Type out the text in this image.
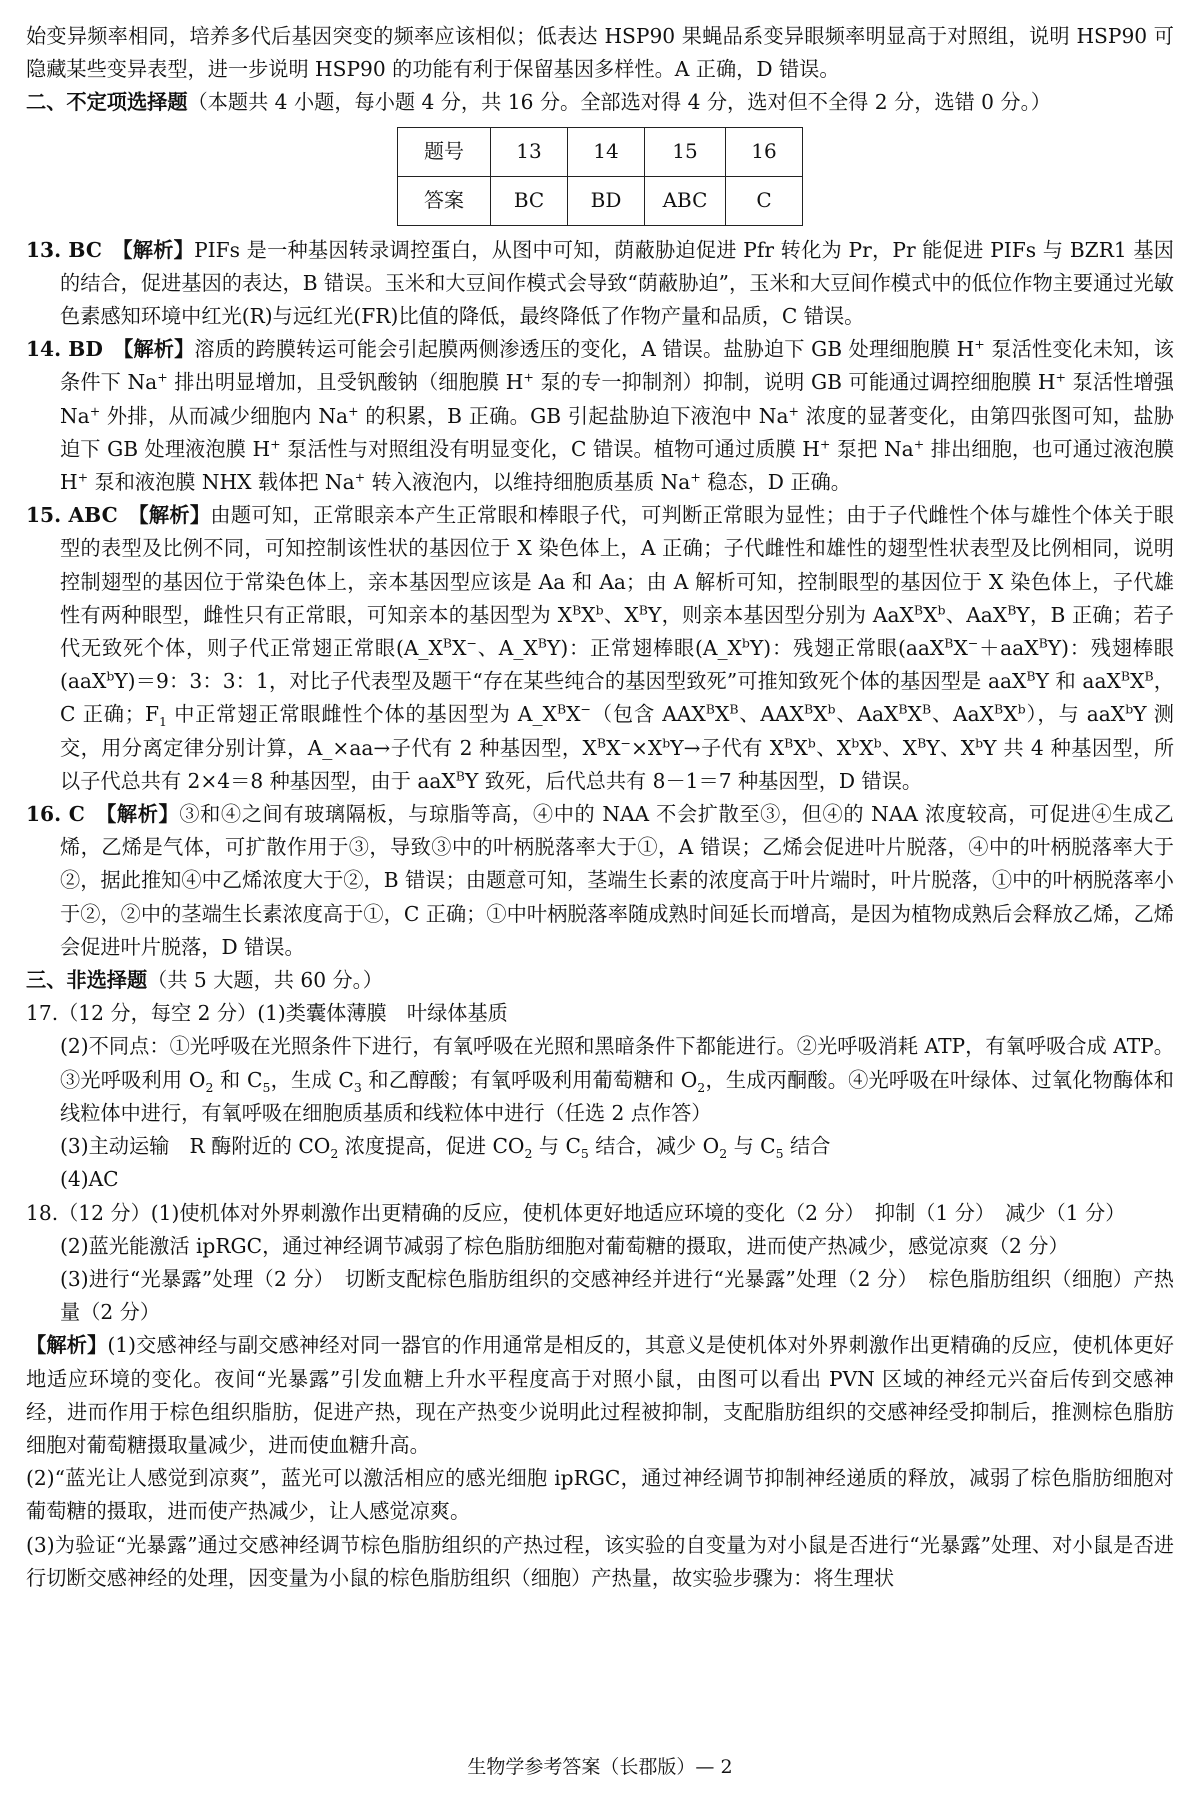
始变异频率相同，培养多代后基因突变的频率应该相似；低表达 HSP90 果蝇品系变异眼频率明显高于对照组，说明 HSP90 可隐藏某些变异表型，进一步说明 HSP90 的功能有利于保留基因多样性。A 正确，D 错误。

二、不定项选择题（本题共 4 小题，每小题 4 分，共 16 分。全部选对得 4 分，选对但不全得 2 分，选错 0 分。）

题号	13	14	15	16
答案	BC	BD	ABC	C

13. BC　【解析】PIFs 是一种基因转录调控蛋白，从图中可知，荫蔽胁迫促进 Pfr 转化为 Pr，Pr 能促进 PIFs 与 BZR1 基因的结合，促进基因的表达，B 错误。玉米和大豆间作模式会导致“荫蔽胁迫”，玉米和大豆间作模式中的低位作物主要通过光敏色素感知环境中红光(R)与远红光(FR)比值的降低，最终降低了作物产量和品质，C 错误。

14. BD　【解析】溶质的跨膜转运可能会引起膜两侧渗透压的变化，A 错误。盐胁迫下 GB 处理细胞膜 H+ 泵活性变化未知，该条件下 Na+ 排出明显增加，且受钒酸钠（细胞膜 H+ 泵的专一抑制剂）抑制，说明 GB 可能通过调控细胞膜 H+ 泵活性增强 Na+ 外排，从而减少细胞内 Na+ 的积累，B 正确。GB 引起盐胁迫下液泡中 Na+ 浓度的显著变化，由第四张图可知，盐胁迫下 GB 处理液泡膜 H+ 泵活性与对照组没有明显变化，C 错误。植物可通过质膜 H+ 泵把 Na+ 排出细胞，也可通过液泡膜 H+ 泵和液泡膜 NHX 载体把 Na+ 转入液泡内，以维持细胞质基质 Na+ 稳态，D 正确。

15. ABC　【解析】由题可知，正常眼亲本产生正常眼和棒眼子代，可判断正常眼为显性；由于子代雌性个体与雄性个体关于眼型的表型及比例不同，可知控制该性状的基因位于 X 染色体上，A 正确；子代雌性和雄性的翅型性状表型及比例相同，说明控制翅型的基因位于常染色体上，亲本基因型应该是 Aa 和 Aa；由 A 解析可知，控制眼型的基因位于 X 染色体上，子代雄性有两种眼型，雌性只有正常眼，可知亲本的基因型为 $X^BX^b$、$X^BY$，则亲本基因型分别为 $AaX^BX^b$、AaX$^B$Y，B 正确；若子代无致死个体，则子代正常翅正常眼($A\_X^BX^-$、$A\_X^BY$)：正常翅棒眼$(A\_X^bY)$：残翅正常眼(aaX$^B$X−＋aaX$^B$Y)：残翅棒眼(aaX$^b$Y)＝9：3：3：1，对比子代表型及题干“存在某些纯合的基因型致死”可推知致死个体的基因型是 aaX$^B$Y 和 $aaX^BX^B$，C 正确；$F_1$ 中正常翅正常眼雌性个体的基因型为 $A\_X^BX^-$（包含 $AAX^BX^B$、$AAX^BX^b$、$AaX^BX^B$、$AaX^BX^b$），与 aaX$^b$Y 测交，用分离定律分别计算，A_×aa→子代有 2 种基因型，$X^BX^-\times X^bY\to$子代有 $X^BX^b$、$X^bX^b$、$X^BY$、$X^bY$ 共 4 种基因型，所以子代总共有 2×4＝8 种基因型，由于 aaX$^B$Y 致死，后代总共有 8－1＝7 种基因型，D 错误。

16. C　【解析】③和④之间有玻璃隔板，与琼脂等高，④中的 NAA 不会扩散至③，但④的 NAA 浓度较高，可促进④生成乙烯，乙烯是气体，可扩散作用于③，导致③中的叶柄脱落率大于①，A 错误；乙烯会促进叶片脱落，④中的叶柄脱落率大于②，据此推知④中乙烯浓度大于②，B 错误；由题意可知，茎端生长素的浓度高于叶片端时，叶片脱落，①中的叶柄脱落率小于②，②中的茎端生长素浓度高于①，C 正确；①中叶柄脱落率随成熟时间延长而增高，是因为植物成熟后会释放乙烯，乙烯会促进叶片脱落，D 错误。

三、非选择题（共 5 大题，共 60 分。）

17.（12 分，每空 2 分）(1)类囊体薄膜　叶绿体基质

(2)不同点：①光呼吸在光照条件下进行，有氧呼吸在光照和黑暗条件下都能进行。②光呼吸消耗 ATP，有氧呼吸合成 ATP。③光呼吸利用 $O_2$ 和 $C_5$，生成 $C_3$ 和乙醇酸；有氧呼吸利用葡萄糖和 $O_2$，生成丙酮酸。④光呼吸在叶绿体、过氧化物酶体和线粒体中进行，有氧呼吸在细胞质基质和线粒体中进行（任选 2 点作答）

(3)主动运输　R 酶附近的 $CO_2$ 浓度提高，促进 $CO_2$ 与 $C_5$ 结合，减少 $O_2$ 与 $C_5$ 结合

(4)AC

18.（12 分）(1)使机体对外界刺激作出更精确的反应，使机体更好地适应环境的变化（2 分）　抑制（1 分）　减少（1 分）

(2)蓝光能激活 ipRGC，通过神经调节减弱了棕色脂肪细胞对葡萄糖的摄取，进而使产热减少，感觉凉爽（2 分）

(3)进行“光暴露”处理（2 分）　切断支配棕色脂肪组织的交感神经并进行“光暴露”处理（2 分）　棕色脂肪组织（细胞）产热量（2 分）

【解析】(1)交感神经与副交感神经对同一器官的作用通常是相反的，其意义是使机体对外界刺激作出更精确的反应，使机体更好地适应环境的变化。夜间“光暴露”引发血糖上升水平程度高于对照小鼠，由图可以看出 PVN 区域的神经元兴奋后传到交感神经，进而作用于棕色组织脂肪，促进产热，现在产热变少说明此过程被抑制，支配脂肪组织的交感神经受抑制后，推测棕色脂肪细胞对葡萄糖摄取量减少，进而使血糖升高。

(2)“蓝光让人感觉到凉爽”，蓝光可以激活相应的感光细胞 ipRGC，通过神经调节抑制神经递质的释放，减弱了棕色脂肪细胞对葡萄糖的摄取，进而使产热减少，让人感觉凉爽。

(3)为验证“光暴露”通过交感神经调节棕色脂肪组织的产热过程，该实验的自变量为对小鼠是否进行“光暴露”处理、对小鼠是否进行切断交感神经的处理，因变量为小鼠的棕色脂肪组织（细胞）产热量，故实验步骤为：将生理状

生物学参考答案（长郡版）— 2
